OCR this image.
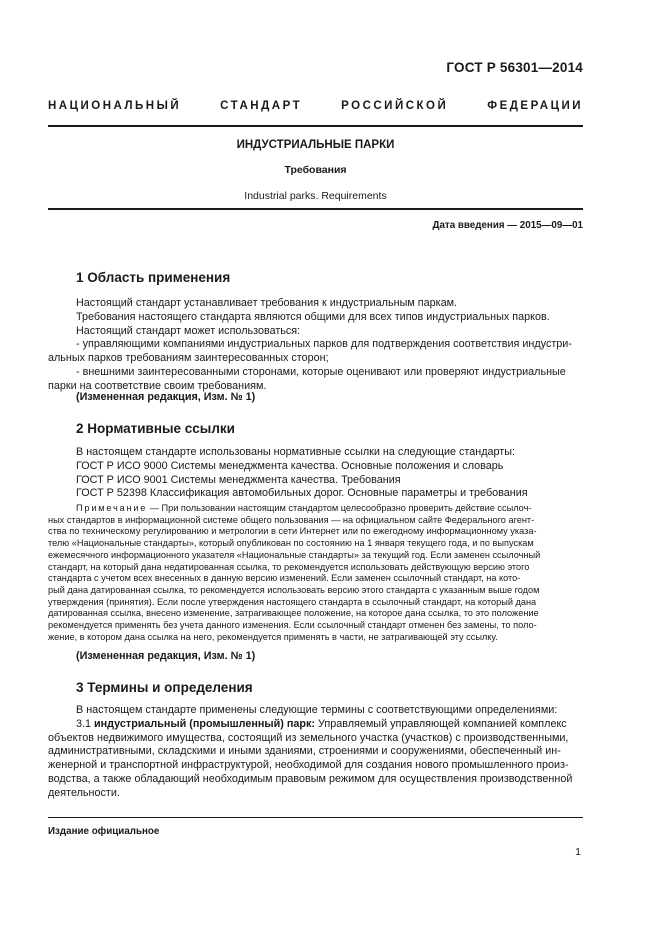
ГОСТ Р 56301—2014
НАЦИОНАЛЬНЫЙ СТАНДАРТ РОССИЙСКОЙ ФЕДЕРАЦИИ
ИНДУСТРИАЛЬНЫЕ ПАРКИ
Требования
Industrial parks. Requirements
Дата введения — 2015—09—01
1 Область применения
Настоящий стандарт устанавливает требования к индустриальным паркам.
Требования настоящего стандарта являются общими для всех типов индустриальных парков.
Настоящий стандарт может использоваться:
- управляющими компаниями индустриальных парков для подтверждения соответствия индустри-
альных парков требованиям заинтересованных сторон;
- внешними заинтересованными сторонами, которые оценивают или проверяют индустриальные
парки на соответствие своим требованиям.
(Измененная редакция, Изм. № 1)
2 Нормативные ссылки
В настоящем стандарте использованы нормативные ссылки на следующие стандарты:
ГОСТ Р ИСО 9000 Системы менеджмента качества. Основные положения и словарь
ГОСТ Р ИСО 9001 Системы менеджмента качества. Требования
ГОСТ Р 52398 Классификация автомобильных дорог. Основные параметры и требования
Примечание — При пользовании настоящим стандартом целесообразно проверить действие ссылоч-
ных стандартов в информационной системе общего пользования — на официальном сайте Федерального агент-
ства по техническому регулированию и метрологии в сети Интернет или по ежегодному информационному указа-
телю «Национальные стандарты», который опубликован по состоянию на 1 января текущего года, и по выпускам
ежемесячного информационного указателя «Национальные стандарты» за текущий год. Если заменен ссылочный
стандарт, на который дана недатированная ссылка, то рекомендуется использовать действующую версию этого
стандарта с учетом всех внесенных в данную версию изменений. Если заменен ссылочный стандарт, на кото-
рый дана датированная ссылка, то рекомендуется использовать версию этого стандарта с указанным выше годом
утверждения (принятия). Если после утверждения настоящего стандарта в ссылочный стандарт, на который дана
датированная ссылка, внесено изменение, затрагивающее положение, на которое дана ссылка, то это положение
рекомендуется применять без учета данного изменения. Если ссылочный стандарт отменен без замены, то поло-
жение, в котором дана ссылка на него, рекомендуется применять в части, не затрагивающей эту ссылку.
(Измененная редакция, Изм. № 1)
3 Термины и определения
В настоящем стандарте применены следующие термины с соответствующими определениями:
3.1 индустриальный (промышленный) парк: Управляемый управляющей компанией комплекс
объектов недвижимого имущества, состоящий из земельного участка (участков) с производственными,
административными, складскими и иными зданиями, строениями и сооружениями, обеспеченный ин-
женерной и транспортной инфраструктурой, необходимой для создания нового промышленного произ-
водства, а также обладающий необходимым правовым режимом для осуществления производственной
деятельности.
Издание официальное
1
